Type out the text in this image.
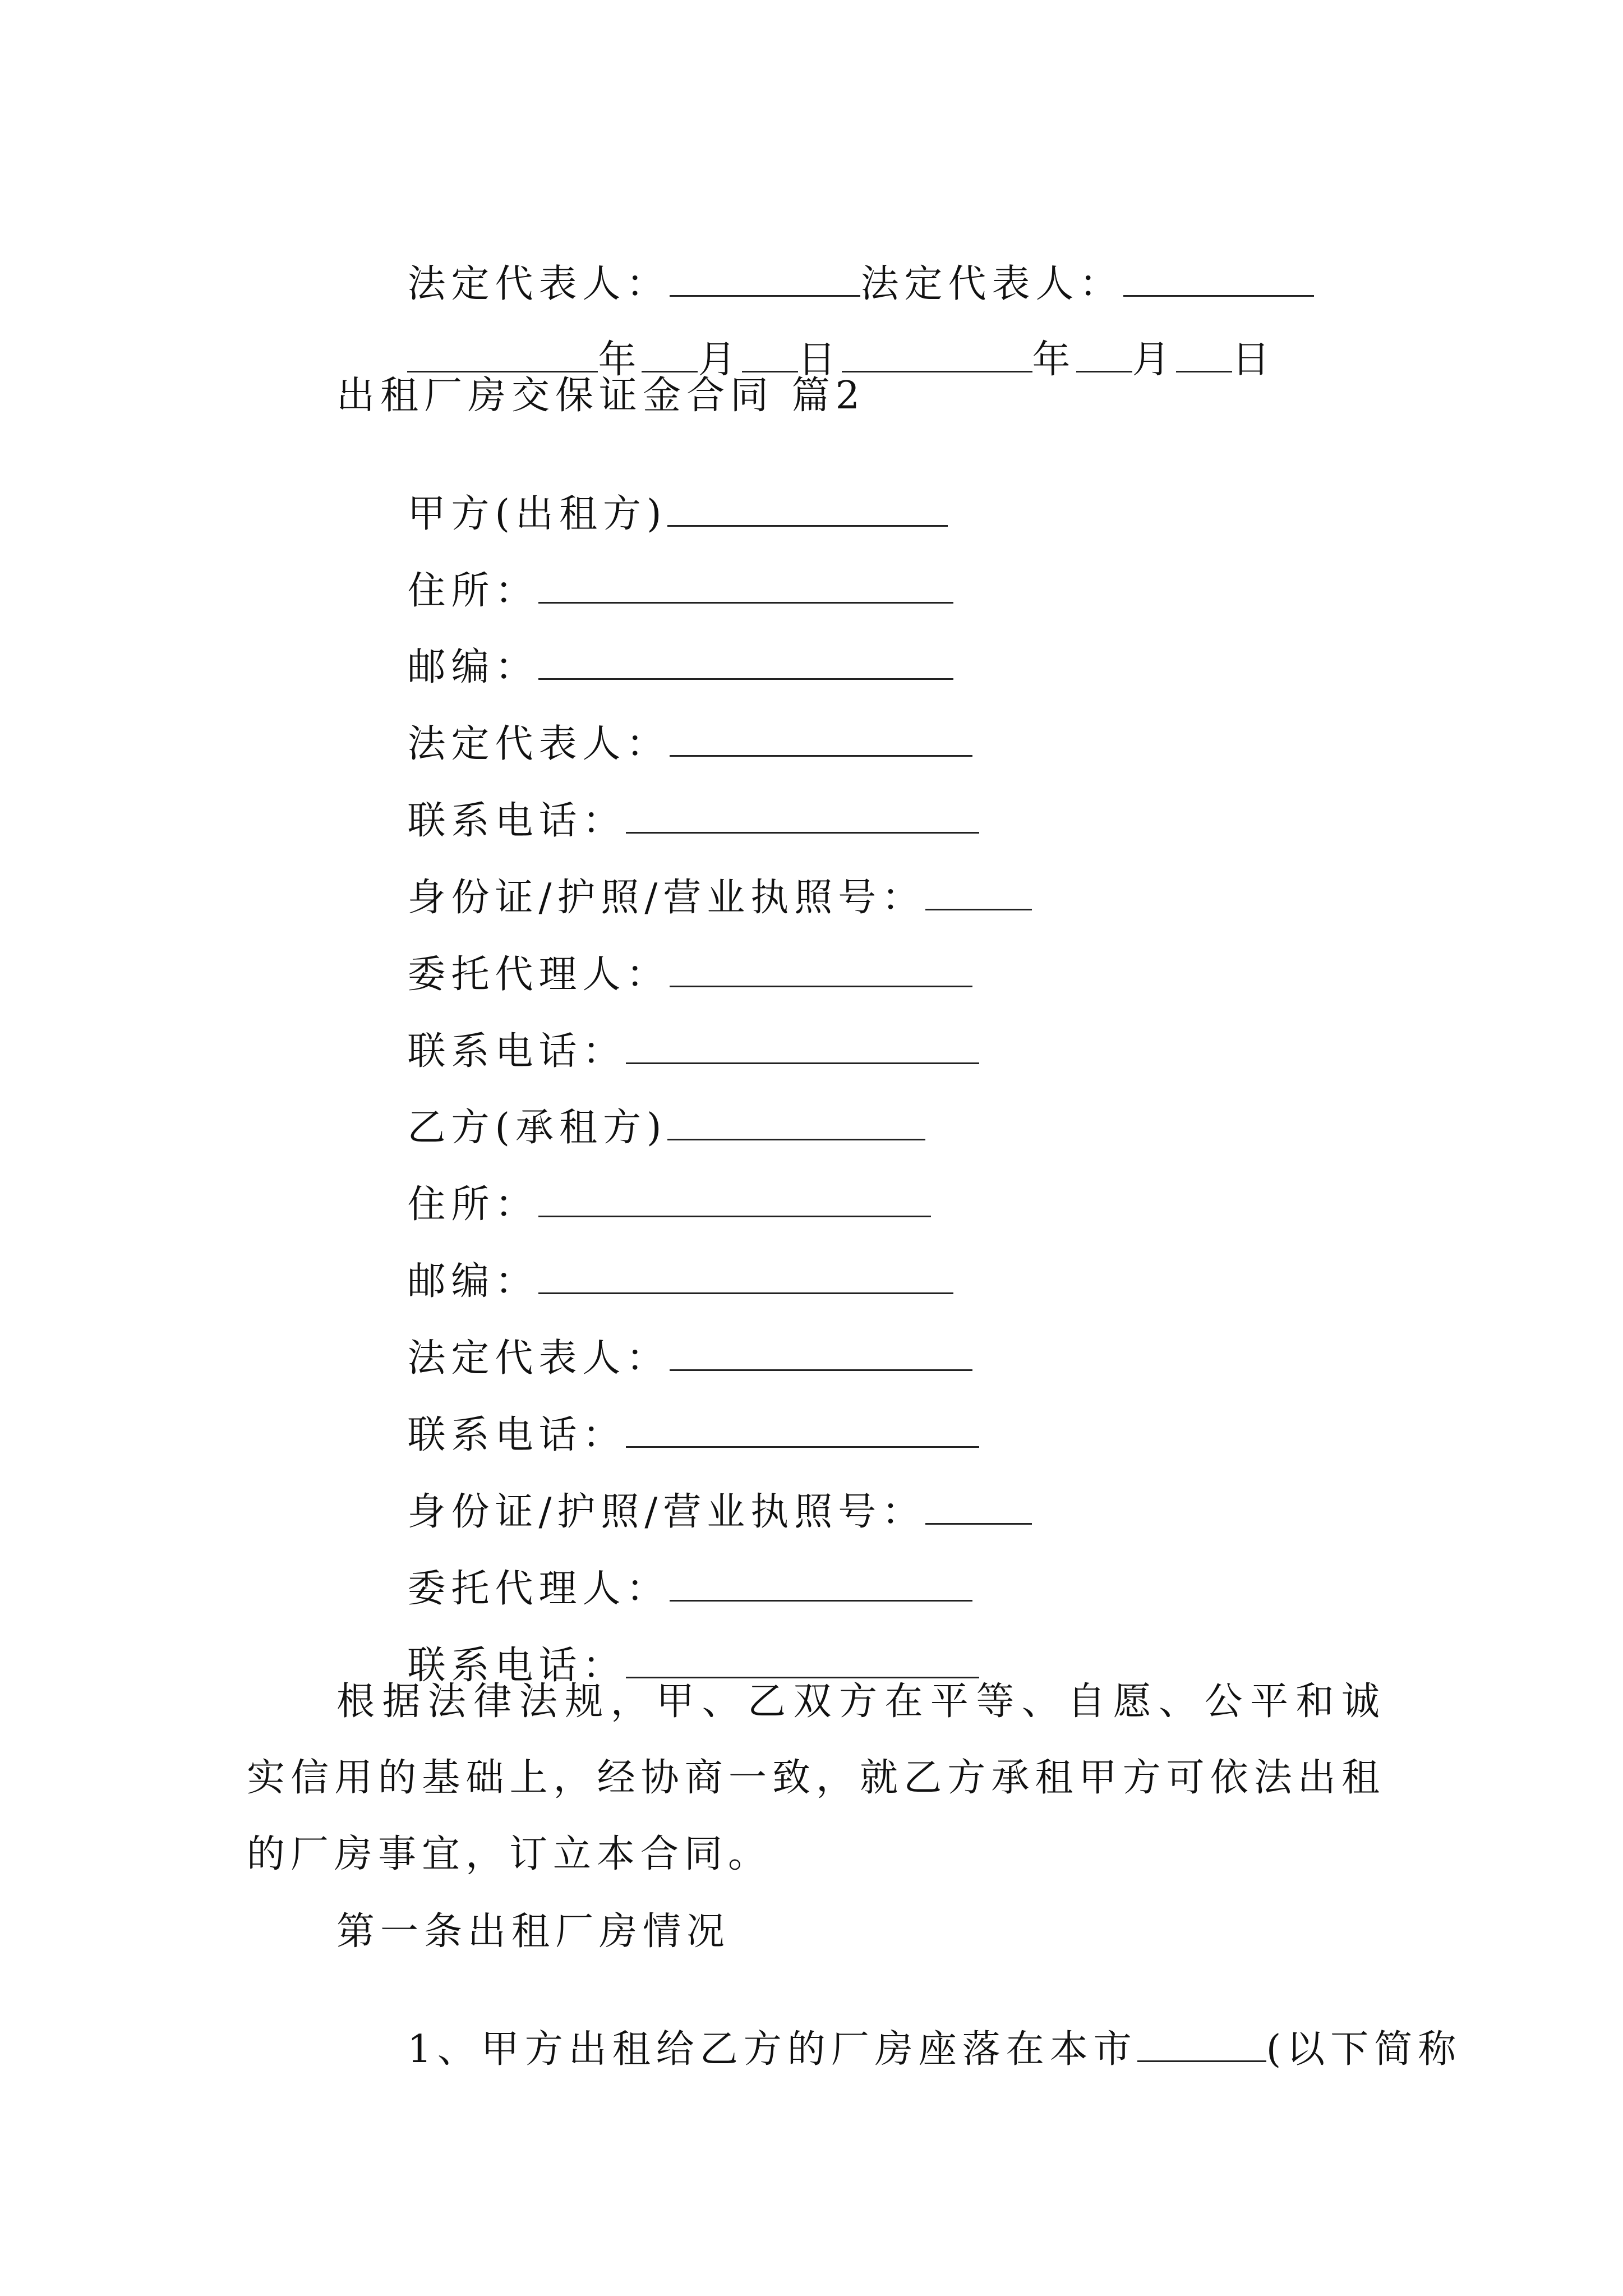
法定代表人：	法定代表人：

年 月 日	年 月 日

出租厂房交保证金合同 篇2

甲方(出租方)

住所：

邮编：

法定代表人：

联系电话：

身份证/护照/营业执照号：

委托代理人：

联系电话：

乙方(承租方)

住所：

邮编：

法定代表人：

联系电话：

身份证/护照/营业执照号：

委托代理人：

联系电话：

根据法律法规，甲、乙双方在平等、自愿、公平和诚实信用的基础上，经协商一致，就乙方承租甲方可依法出租的厂房事宜，订立本合同。
第一条出租厂房情况

1、甲方出租给乙方的厂房座落在本市	(以下简称
